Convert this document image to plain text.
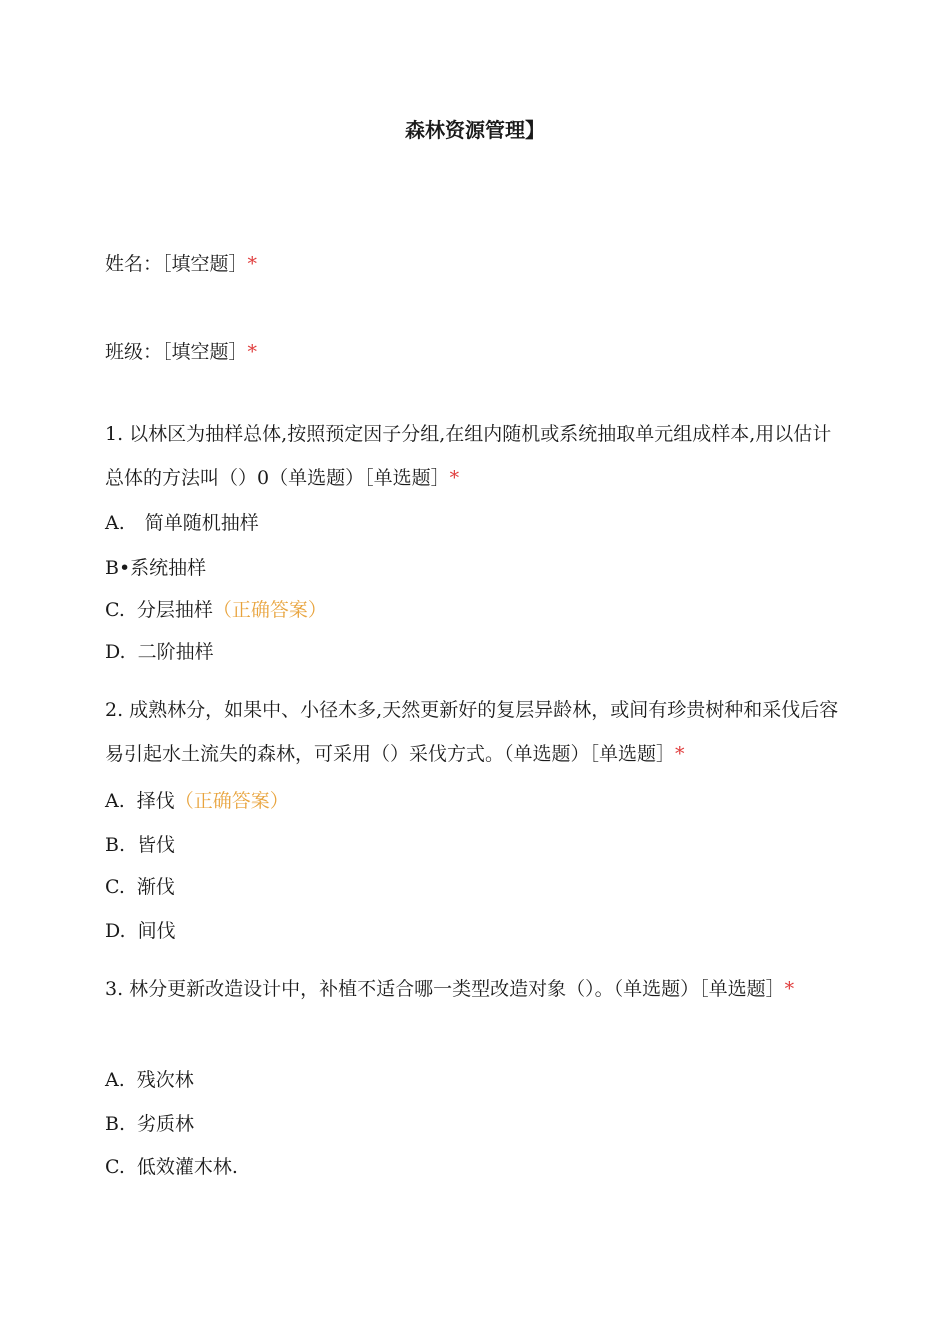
森林资源管理】
姓名：［填空题］*
班级：［填空题］*
1. 以林区为抽样总体,按照预定因子分组,在组内随机或系统抽取单元组成样本,用以估计总体的方法叫（）0（单选题）［单选题］*
A. 简单随机抽样
B•系统抽样
C. 分层抽样（正确答案）
D. 二阶抽样
2. 成熟林分，如果中、小径木多,天然更新好的复层异龄林，或间有珍贵树种和采伐后容易引起水土流失的森林，可采用（）采伐方式。（单选题）［单选题］*
A. 择伐（正确答案）
B. 皆伐
C. 渐伐
D. 间伐
3. 林分更新改造设计中，补植不适合哪一类型改造对象（）。（单选题）［单选题］*
A. 残次林
B. 劣质林
C. 低效灌木林.
